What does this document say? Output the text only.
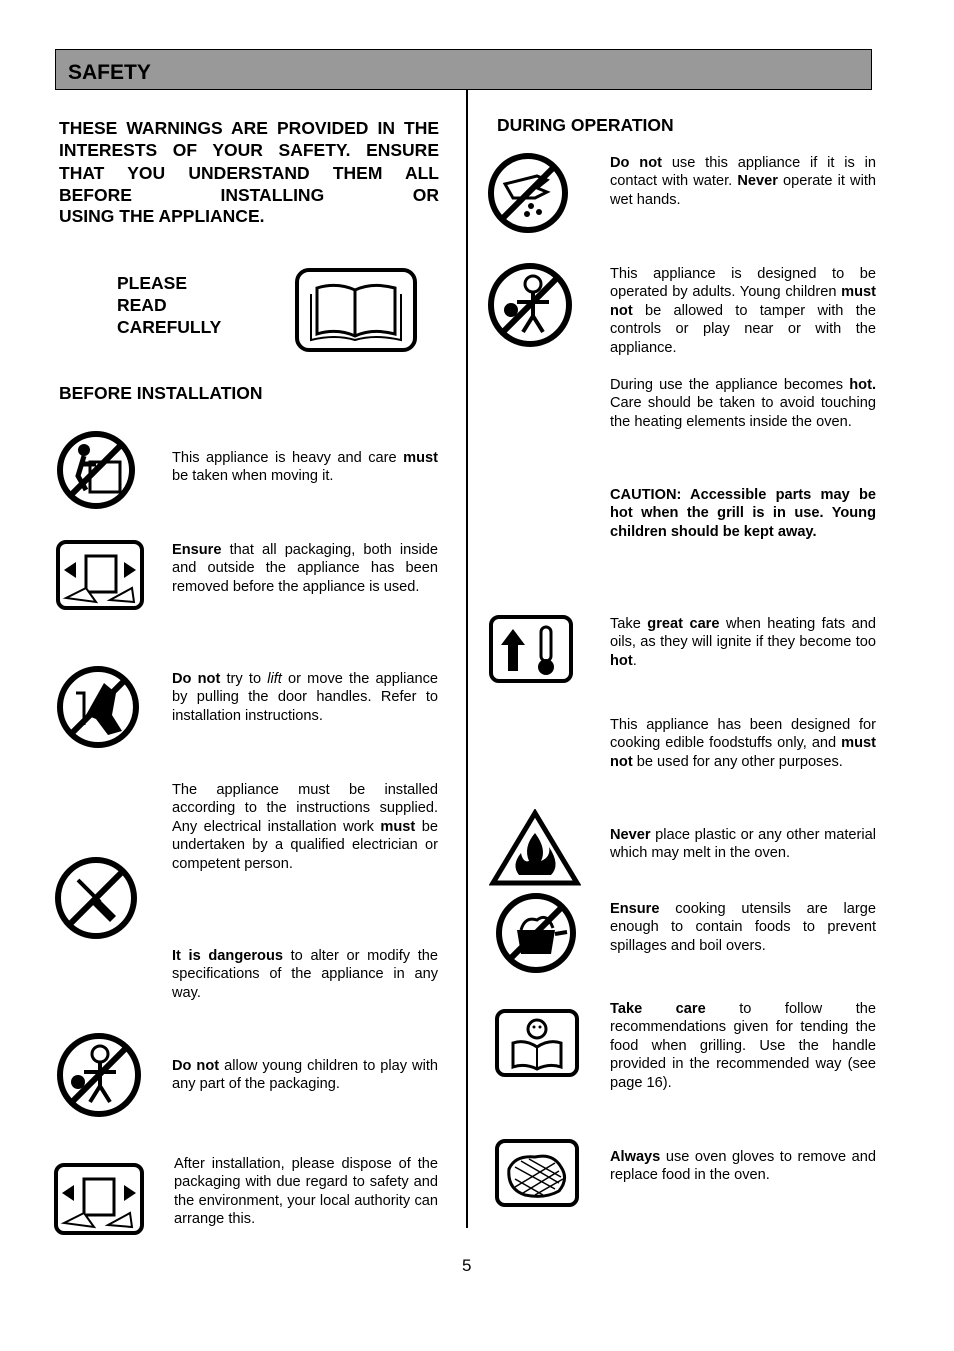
SAFETY
THESE WARNINGS ARE PROVIDED IN THE INTERESTS OF YOUR SAFETY. ENSURE THAT YOU UNDERSTAND THEM ALL BEFORE INSTALLING OR
USING THE APPLIANCE.
PLEASE
READ
CAREFULLY
BEFORE INSTALLATION
This appliance is heavy and care must be taken when moving it.
Ensure that all packaging, both inside and outside the appliance has been removed before the appliance is used.
Do not try to lift or move the appliance by pulling the door handles. Refer to installation instructions.
The appliance must be installed according to the instructions supplied. Any electrical installation work must be undertaken by a qualified electrician or competent person.
It is dangerous to alter or modify the specifications of the appliance in any way.
Do not allow young children to play with any part of the packaging.
After installation, please dispose of the packaging with due regard to safety and the environment, your local authority can arrange this.
DURING OPERATION
Do not use this appliance if it is in contact with water. Never operate it with wet hands.
This appliance is designed to be operated by adults. Young children must not be allowed to tamper with the controls or play near or with the appliance.
During use the appliance becomes hot. Care should be taken to avoid touching the heating elements inside the oven.
CAUTION: Accessible parts may be hot when the grill is in use. Young children should be kept away.
Take great care when heating fats and oils, as they will ignite if they become too hot.
This appliance has been designed for cooking edible foodstuffs only, and must not be used for any other purposes.
Never place plastic or any other material which may melt in the oven.
Ensure cooking utensils are large enough to contain foods to prevent spillages and boil overs.
Take care to follow the recommendations given for tending the food when grilling. Use the handle provided in the recommended way (see page 16).
Always use oven gloves to remove and replace food in the oven.
5
